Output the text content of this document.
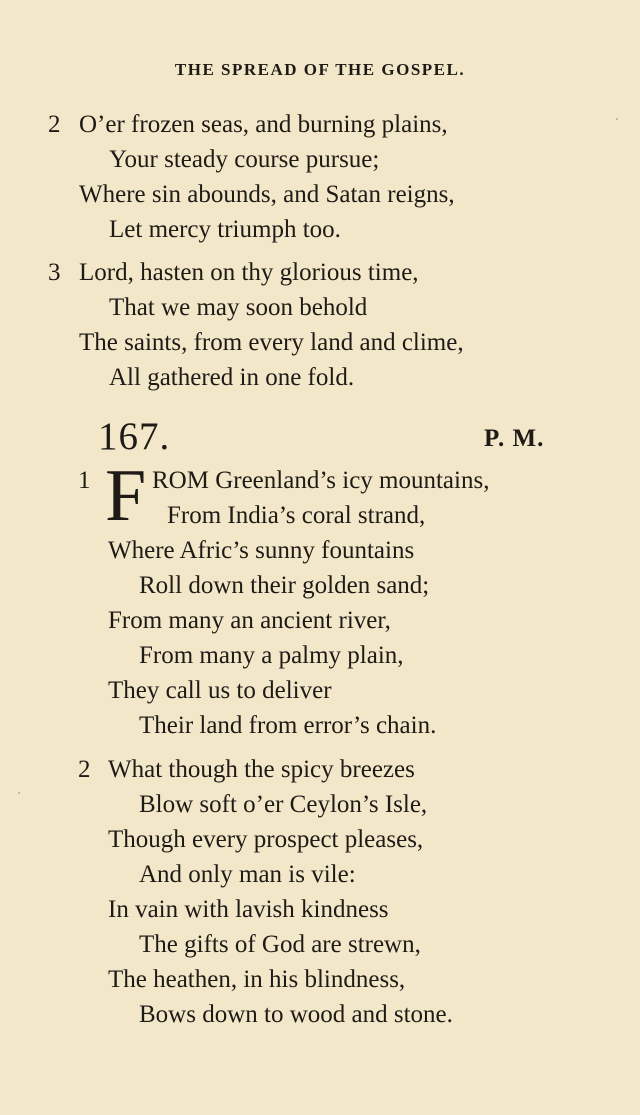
THE SPREAD OF THE GOSPEL.
2 O’er frozen seas, and burning plains,
Your steady course pursue;
Where sin abounds, and Satan reigns,
Let mercy triumph too.
3 Lord, hasten on thy glorious time,
That we may soon behold
The saints, from every land and clime,
All gathered in one fold.
167.	P. M.
1 F ROM Greenland’s icy mountains,
From India’s coral strand,
Where Afric’s sunny fountains
Roll down their golden sand;
From many an ancient river,
From many a palmy plain,
They call us to deliver
Their land from error’s chain.
2 What though the spicy breezes
Blow soft o’er Ceylon’s Isle,
Though every prospect pleases,
And only man is vile:
In vain with lavish kindness
The gifts of God are strewn,
The heathen, in his blindness,
Bows down to wood and stone.
